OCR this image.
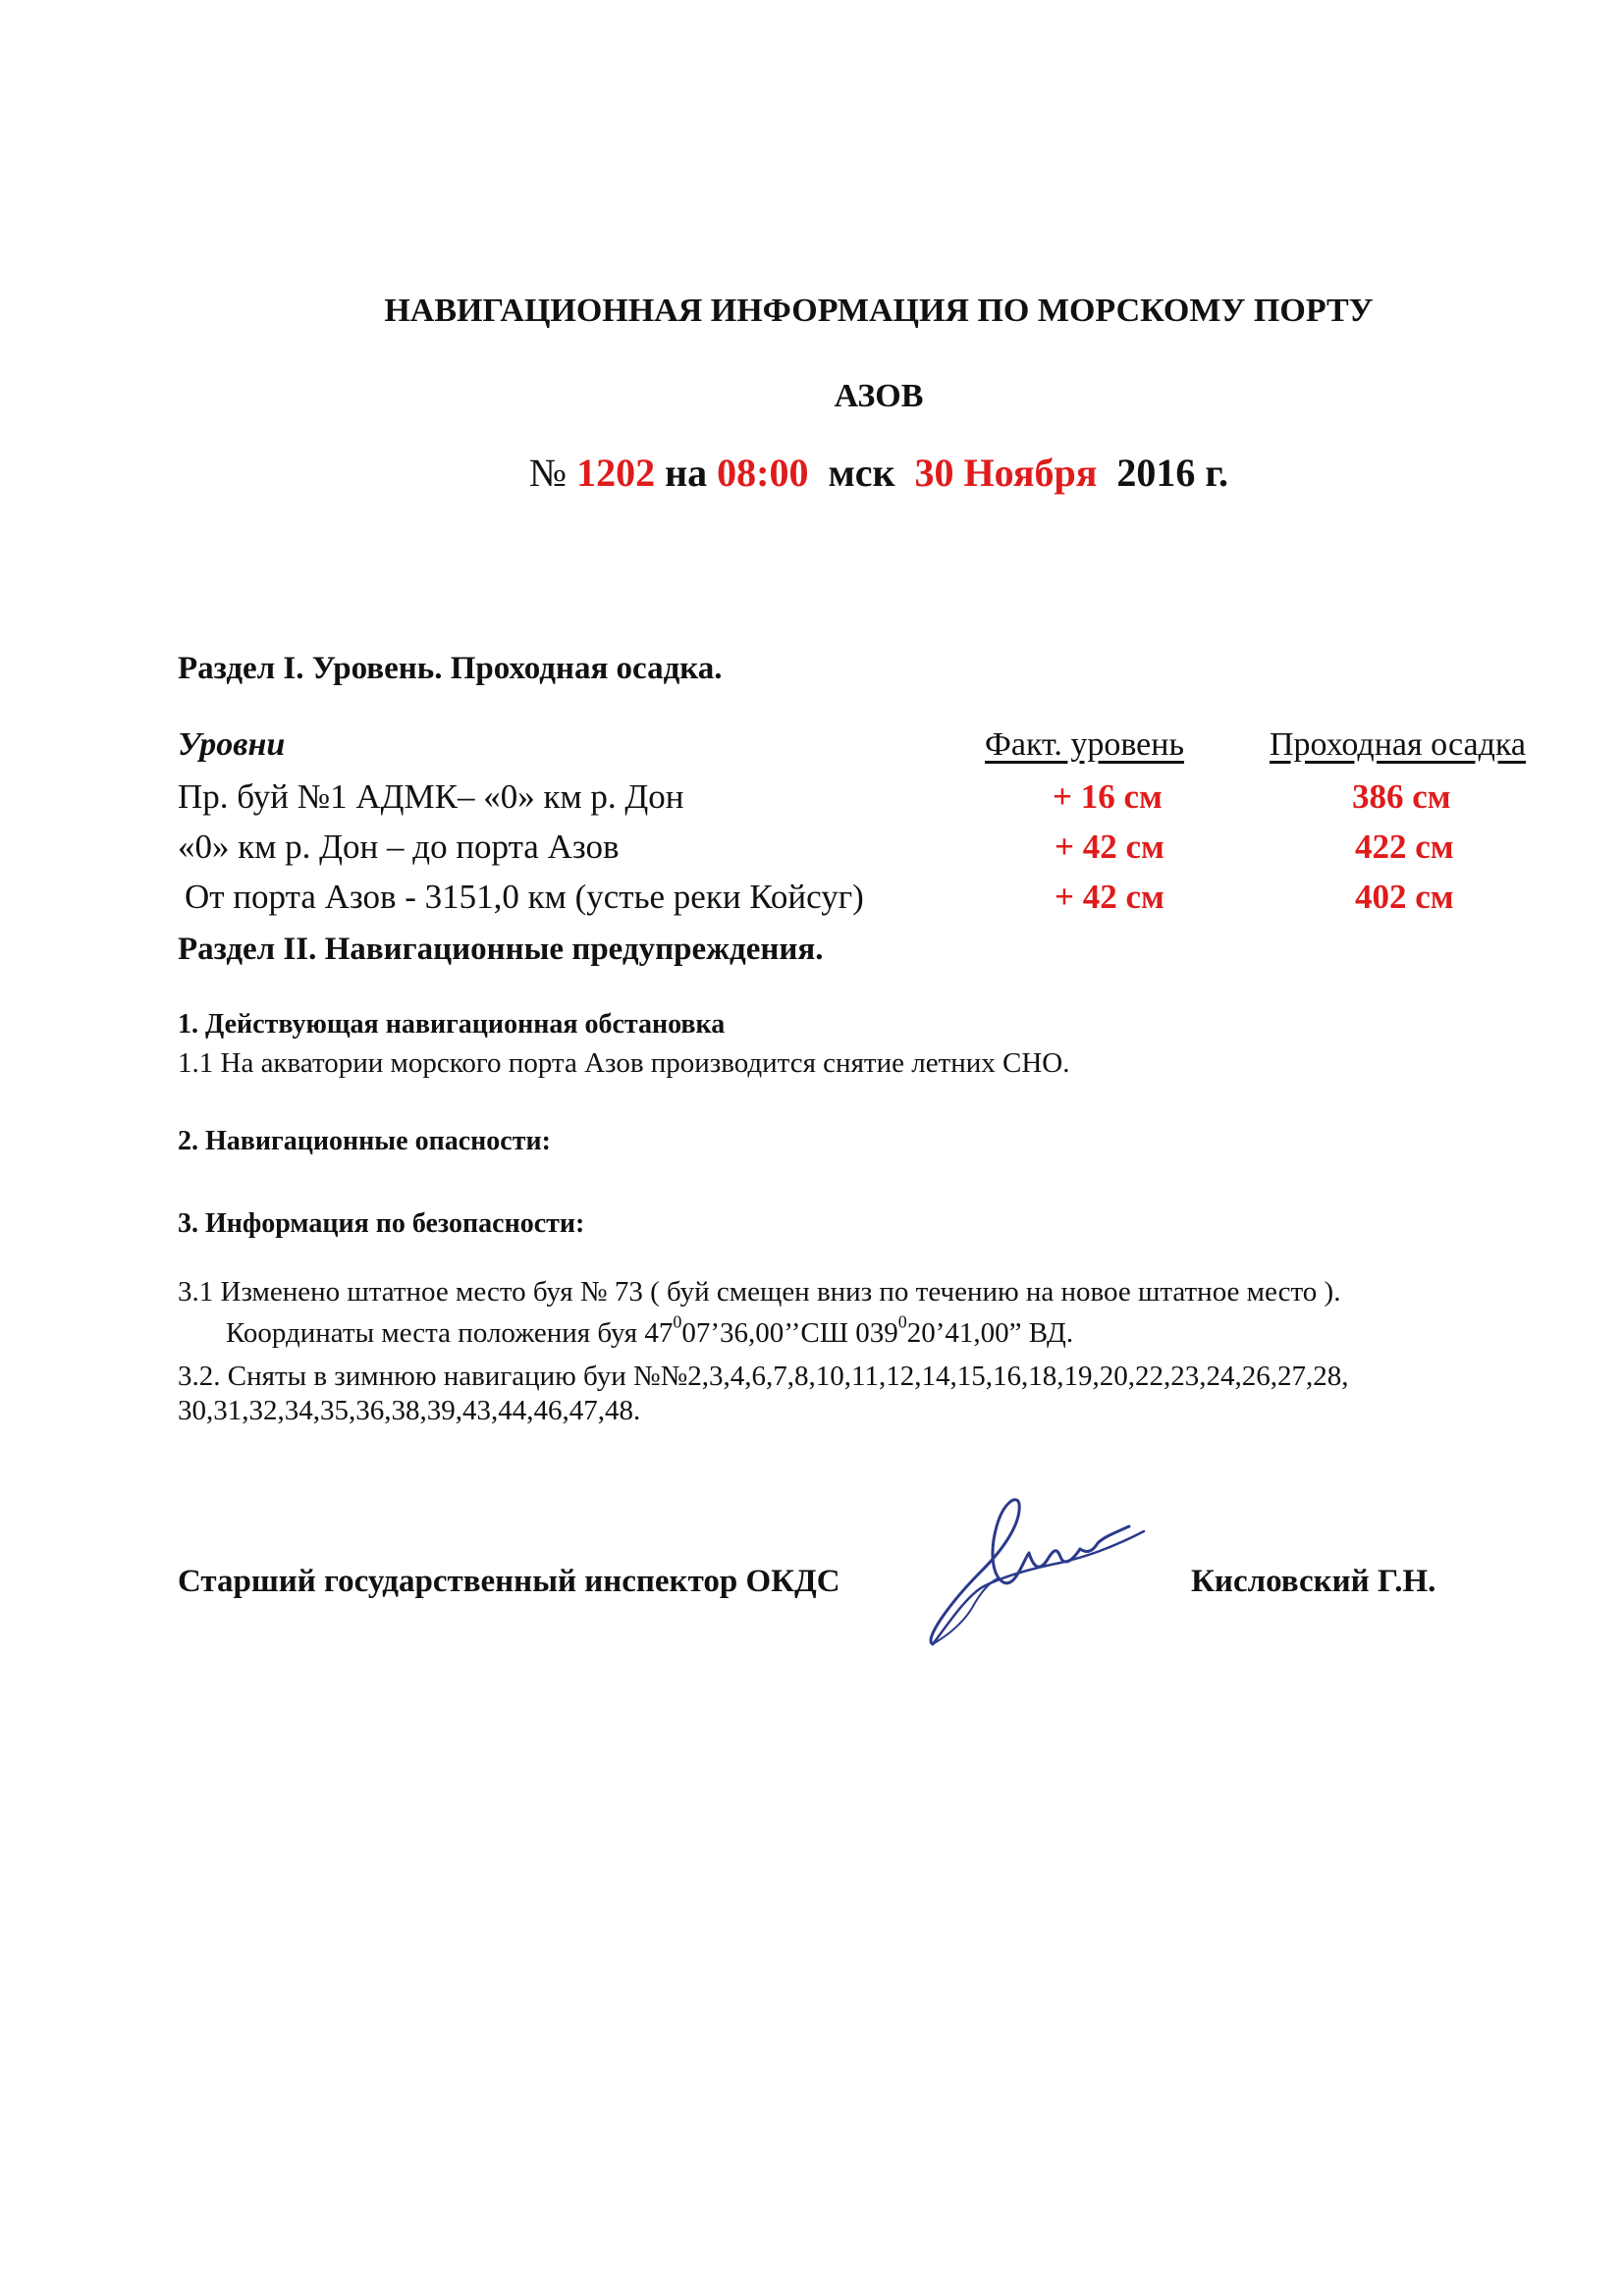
НАВИГАЦИОННАЯ ИНФОРМАЦИЯ ПО МОРСКОМУ ПОРТУ
АЗОВ
№ 1202 на 08:00 мск 30 Ноября 2016 г.
Раздел I. Уровень. Проходная осадка.
Уровни	Факт. уровень	Проходная осадка
Пр. буй №1 АДМК– «0» км р. Дон	+ 16 см	386 см
«0» км р. Дон – до порта Азов	+ 42 см	422 см
От порта Азов - 3151,0 км (устье реки Койсуг)	+ 42 см	402 см
Раздел II. Навигационные предупреждения.
1. Действующая навигационная обстановка
1.1 На акватории морского порта Азов производится снятие летних СНО.
2. Навигационные опасности:
3. Информация по безопасности:
3.1 Изменено штатное место буя № 73 ( буй смещен вниз по течению на новое штатное место ).
Координаты места положения буя $47^007’36,00’’СШ$ $039^020’41,00$” ВД.
3.2. Сняты в зимнюю навигацию буи №№2,3,4,6,7,8,10,11,12,14,15,16,18,19,20,22,23,24,26,27,28,
30,31,32,34,35,36,38,39,43,44,46,47,48.
Старший государственный инспектор ОКДС	Кисловский Г.Н.
